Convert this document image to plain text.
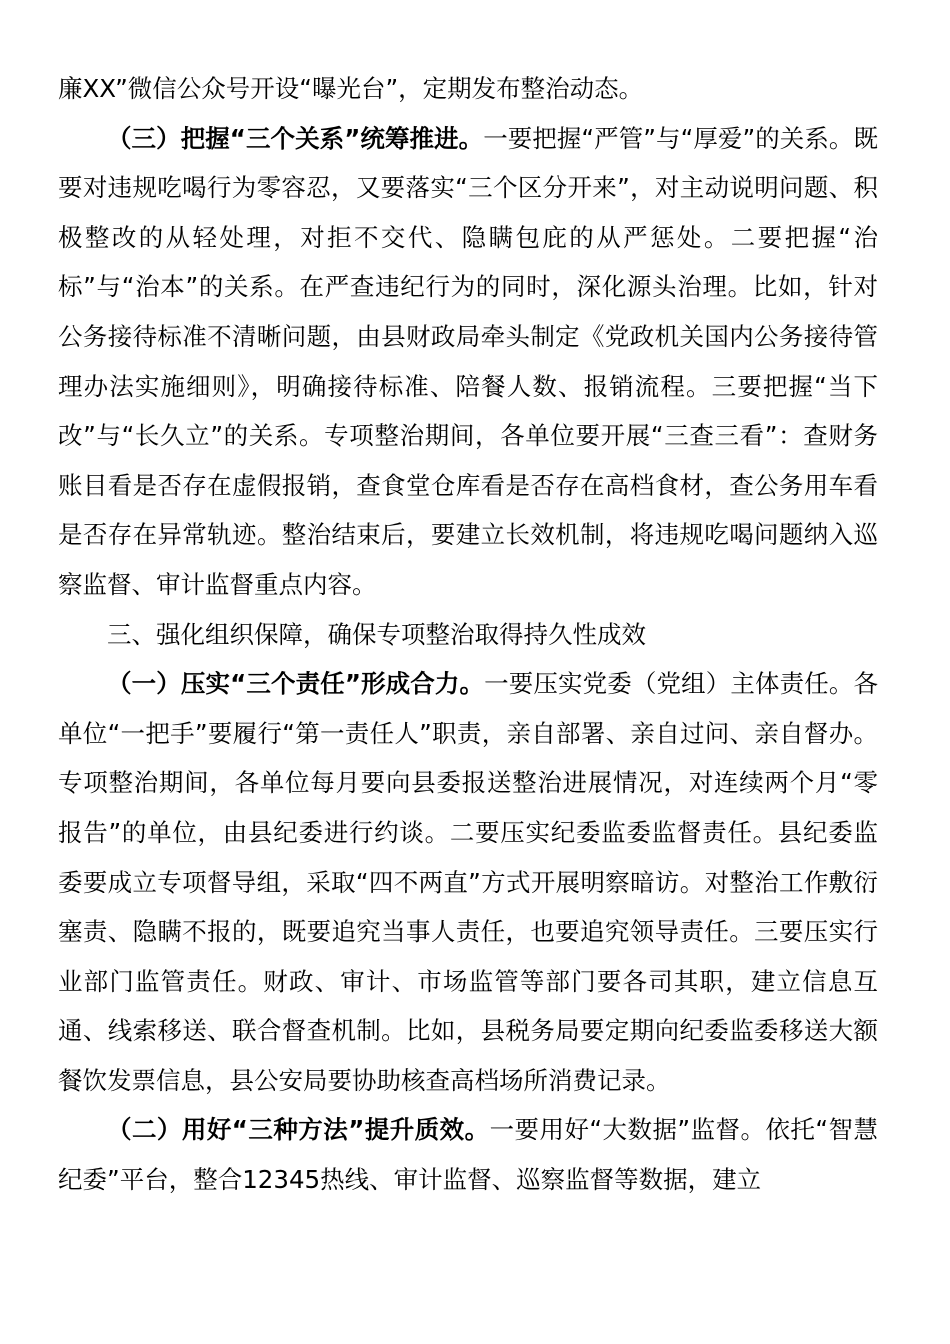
廉XX”微信公众号开设“曝光台”，定期发布整治动态。

（三）把握“三个关系”统筹推进。一要把握“严管”与“厚爱”的关系。既要对违规吃喝行为零容忍，又要落实“三个区分开来”，对主动说明问题、积极整改的从轻处理，对拒不交代、隐瞒包庇的从严惩处。二要把握“治标”与“治本”的关系。在严查违纪行为的同时，深化源头治理。比如，针对公务接待标准不清晰问题，由县财政局牵头制定《党政机关国内公务接待管理办法实施细则》，明确接待标准、陪餐人数、报销流程。三要把握“当下改”与“长久立”的关系。专项整治期间，各单位要开展“三查三看”：查财务账目看是否存在虚假报销，查食堂仓库看是否存在高档食材，查公务用车看是否存在异常轨迹。整治结束后，要建立长效机制，将违规吃喝问题纳入巡察监督、审计监督重点内容。

三、强化组织保障，确保专项整治取得持久性成效

（一）压实“三个责任”形成合力。一要压实党委（党组）主体责任。各单位“一把手”要履行“第一责任人”职责，亲自部署、亲自过问、亲自督办。专项整治期间，各单位每月要向县委报送整治进展情况，对连续两个月“零报告”的单位，由县纪委进行约谈。二要压实纪委监委监督责任。县纪委监委要成立专项督导组，采取“四不两直”方式开展明察暗访。对整治工作敷衍塞责、隐瞒不报的，既要追究当事人责任，也要追究领导责任。三要压实行业部门监管责任。财政、审计、市场监管等部门要各司其职，建立信息互通、线索移送、联合督查机制。比如，县税务局要定期向纪委监委移送大额餐饮发票信息，县公安局要协助核查高档场所消费记录。

（二）用好“三种方法”提升质效。一要用好“大数据”监督。依托“智慧纪委”平台，整合12345热线、审计监督、巡察监督等数据，建立
